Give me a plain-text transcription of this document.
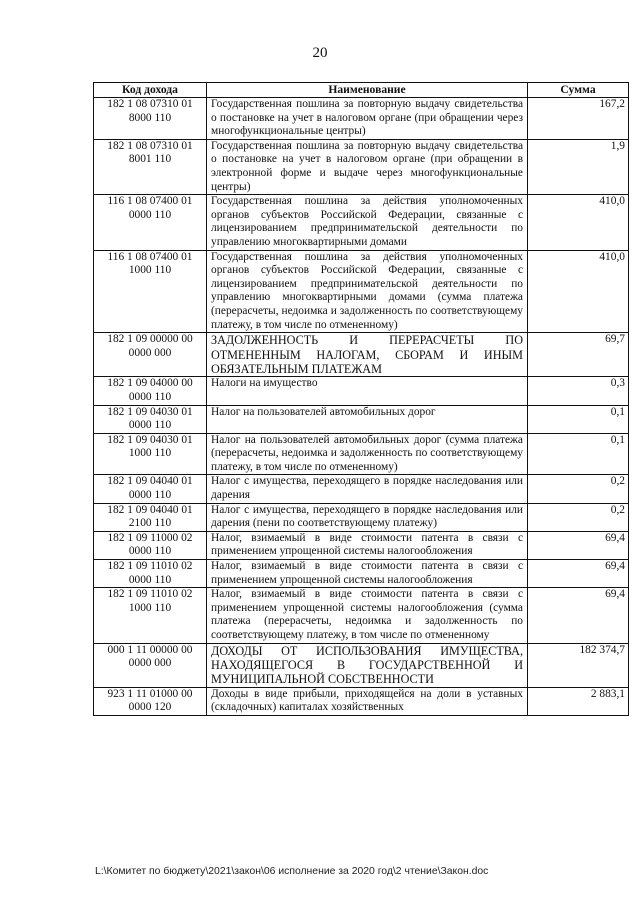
20
Код дохода	Наименование	Сумма
182 1 08 07310 01 8000 110	Государственная пошлина за повторную выдачу свидетельства о постановке на учет в налоговом органе (при обращении через многофункциональные центры)	167,2
182 1 08 07310 01 8001 110	Государственная пошлина за повторную выдачу свидетельства о постановке на учет в налоговом органе (при обращении в электронной форме и выдаче через многофункциональные центры)	1,9
116 1 08 07400 01 0000 110	Государственная пошлина за действия уполномоченных органов субъектов Российской Федерации, связанные с лицензированием предпринимательской деятельности по управлению многоквартирными домами	410,0
116 1 08 07400 01 1000 110	Государственная пошлина за действия уполномоченных органов субъектов Российской Федерации, связанные с лицензированием предпринимательской деятельности по управлению многоквартирными домами (сумма платежа (перерасчеты, недоимка и задолженность по соответствующему платежу, в том числе по отмененному)	410,0
182 1 09 00000 00 0000 000	ЗАДОЛЖЕННОСТЬ И ПЕРЕРАСЧЕТЫ ПО ОТМЕНЕННЫМ НАЛОГАМ, СБОРАМ И ИНЫМ ОБЯЗАТЕЛЬНЫМ ПЛАТЕЖАМ	69,7
182 1 09 04000 00 0000 110	Налоги на имущество	0,3
182 1 09 04030 01 0000 110	Налог на пользователей автомобильных дорог	0,1
182 1 09 04030 01 1000 110	Налог на пользователей автомобильных дорог (сумма платежа (перерасчеты, недоимка и задолженность по соответствующему платежу, в том числе по отмененному)	0,1
182 1 09 04040 01 0000 110	Налог с имущества, переходящего в порядке наследования или дарения	0,2
182 1 09 04040 01 2100 110	Налог с имущества, переходящего в порядке наследования или дарения (пени по соответствующему платежу)	0,2
182 1 09 11000 02 0000 110	Налог, взимаемый в виде стоимости патента в связи с применением упрощенной системы налогообложения	69,4
182 1 09 11010 02 0000 110	Налог, взимаемый в виде стоимости патента в связи с применением упрощенной системы налогообложения	69,4
182 1 09 11010 02 1000 110	Налог, взимаемый в виде стоимости патента в связи с применением упрощенной системы налогообложения (сумма платежа (перерасчеты, недоимка и задолженность по соответствующему платежу, в том числе по отмененному	69,4
000 1 11 00000 00 0000 000	ДОХОДЫ ОТ ИСПОЛЬЗОВАНИЯ ИМУЩЕСТВА, НАХОДЯЩЕГОСЯ В ГОСУДАРСТВЕННОЙ И МУНИЦИПАЛЬНОЙ СОБСТВЕННОСТИ	182 374,7
923 1 11 01000 00 0000 120	Доходы в виде прибыли, приходящейся на доли в уставных (складочных) капиталах хозяйственных	2 883,1
L:\Комитет по бюджету\2021\закон\06 исполнение за 2020 год\2 чтение\Закон.doc
